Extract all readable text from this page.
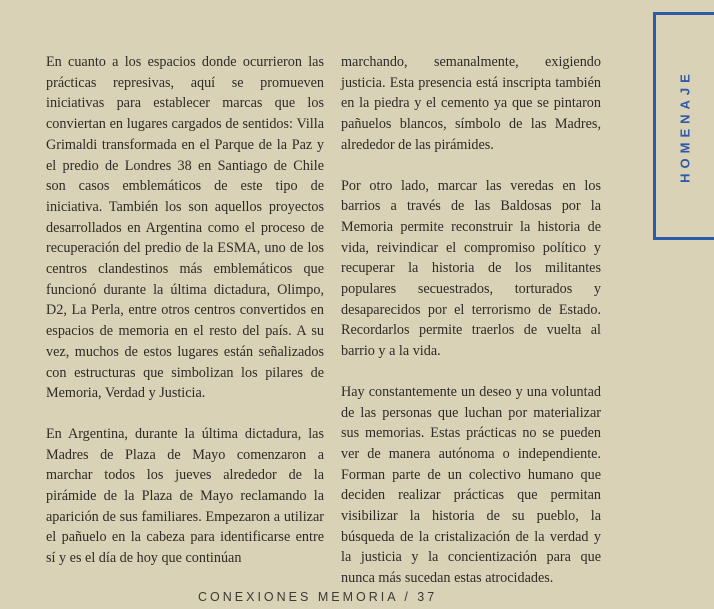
En cuanto a los espacios donde ocurrieron las prácticas represivas, aquí se promueven iniciativas para establecer marcas que los conviertan en lugares cargados de sentidos: Villa Grimaldi transformada en el Parque de la Paz y el predio de Londres 38 en Santiago de Chile son casos emblemáticos de este tipo de iniciativa. También los son aquellos proyectos desarrollados en Argentina como el proceso de recuperación del predio de la ESMA, uno de los centros clandestinos más emblemáticos que funcionó durante la última dictadura, Olimpo, D2, La Perla, entre otros centros convertidos en espacios de memoria en el resto del país. A su vez, muchos de estos lugares están señalizados con estructuras que simbolizan los pilares de Memoria, Verdad y Justicia.

En Argentina, durante la última dictadura, las Madres de Plaza de Mayo comenzaron a marchar todos los jueves alrededor de la pirámide de la Plaza de Mayo reclamando la aparición de sus familiares. Empezaron a utilizar el pañuelo en la cabeza para identificarse entre sí y es el día de hoy que continúan

marchando, semanalmente, exigiendo justicia. Esta presencia está inscripta también en la piedra y el cemento ya que se pintaron pañuelos blancos, símbolo de las Madres, alrededor de las pirámides.

Por otro lado, marcar las veredas en los barrios a través de las Baldosas por la Memoria permite reconstruir la historia de vida, reivindicar el compromiso político y recuperar la historia de los militantes populares secuestrados, torturados y desaparecidos por el terrorismo de Estado. Recordarlos permite traerlos de vuelta al barrio y a la vida.

Hay constantemente un deseo y una voluntad de las personas que luchan por materializar sus memorias. Estas prácticas no se pueden ver de manera autónoma o independiente. Forman parte de un colectivo humano que deciden realizar prácticas que permitan visibilizar la historia de su pueblo, la búsqueda de la cristalización de la verdad y la justicia y la concientización para que nunca más sucedan estas atrocidades.

HOMENAJE
CONEXIONES MEMORIA / 37
